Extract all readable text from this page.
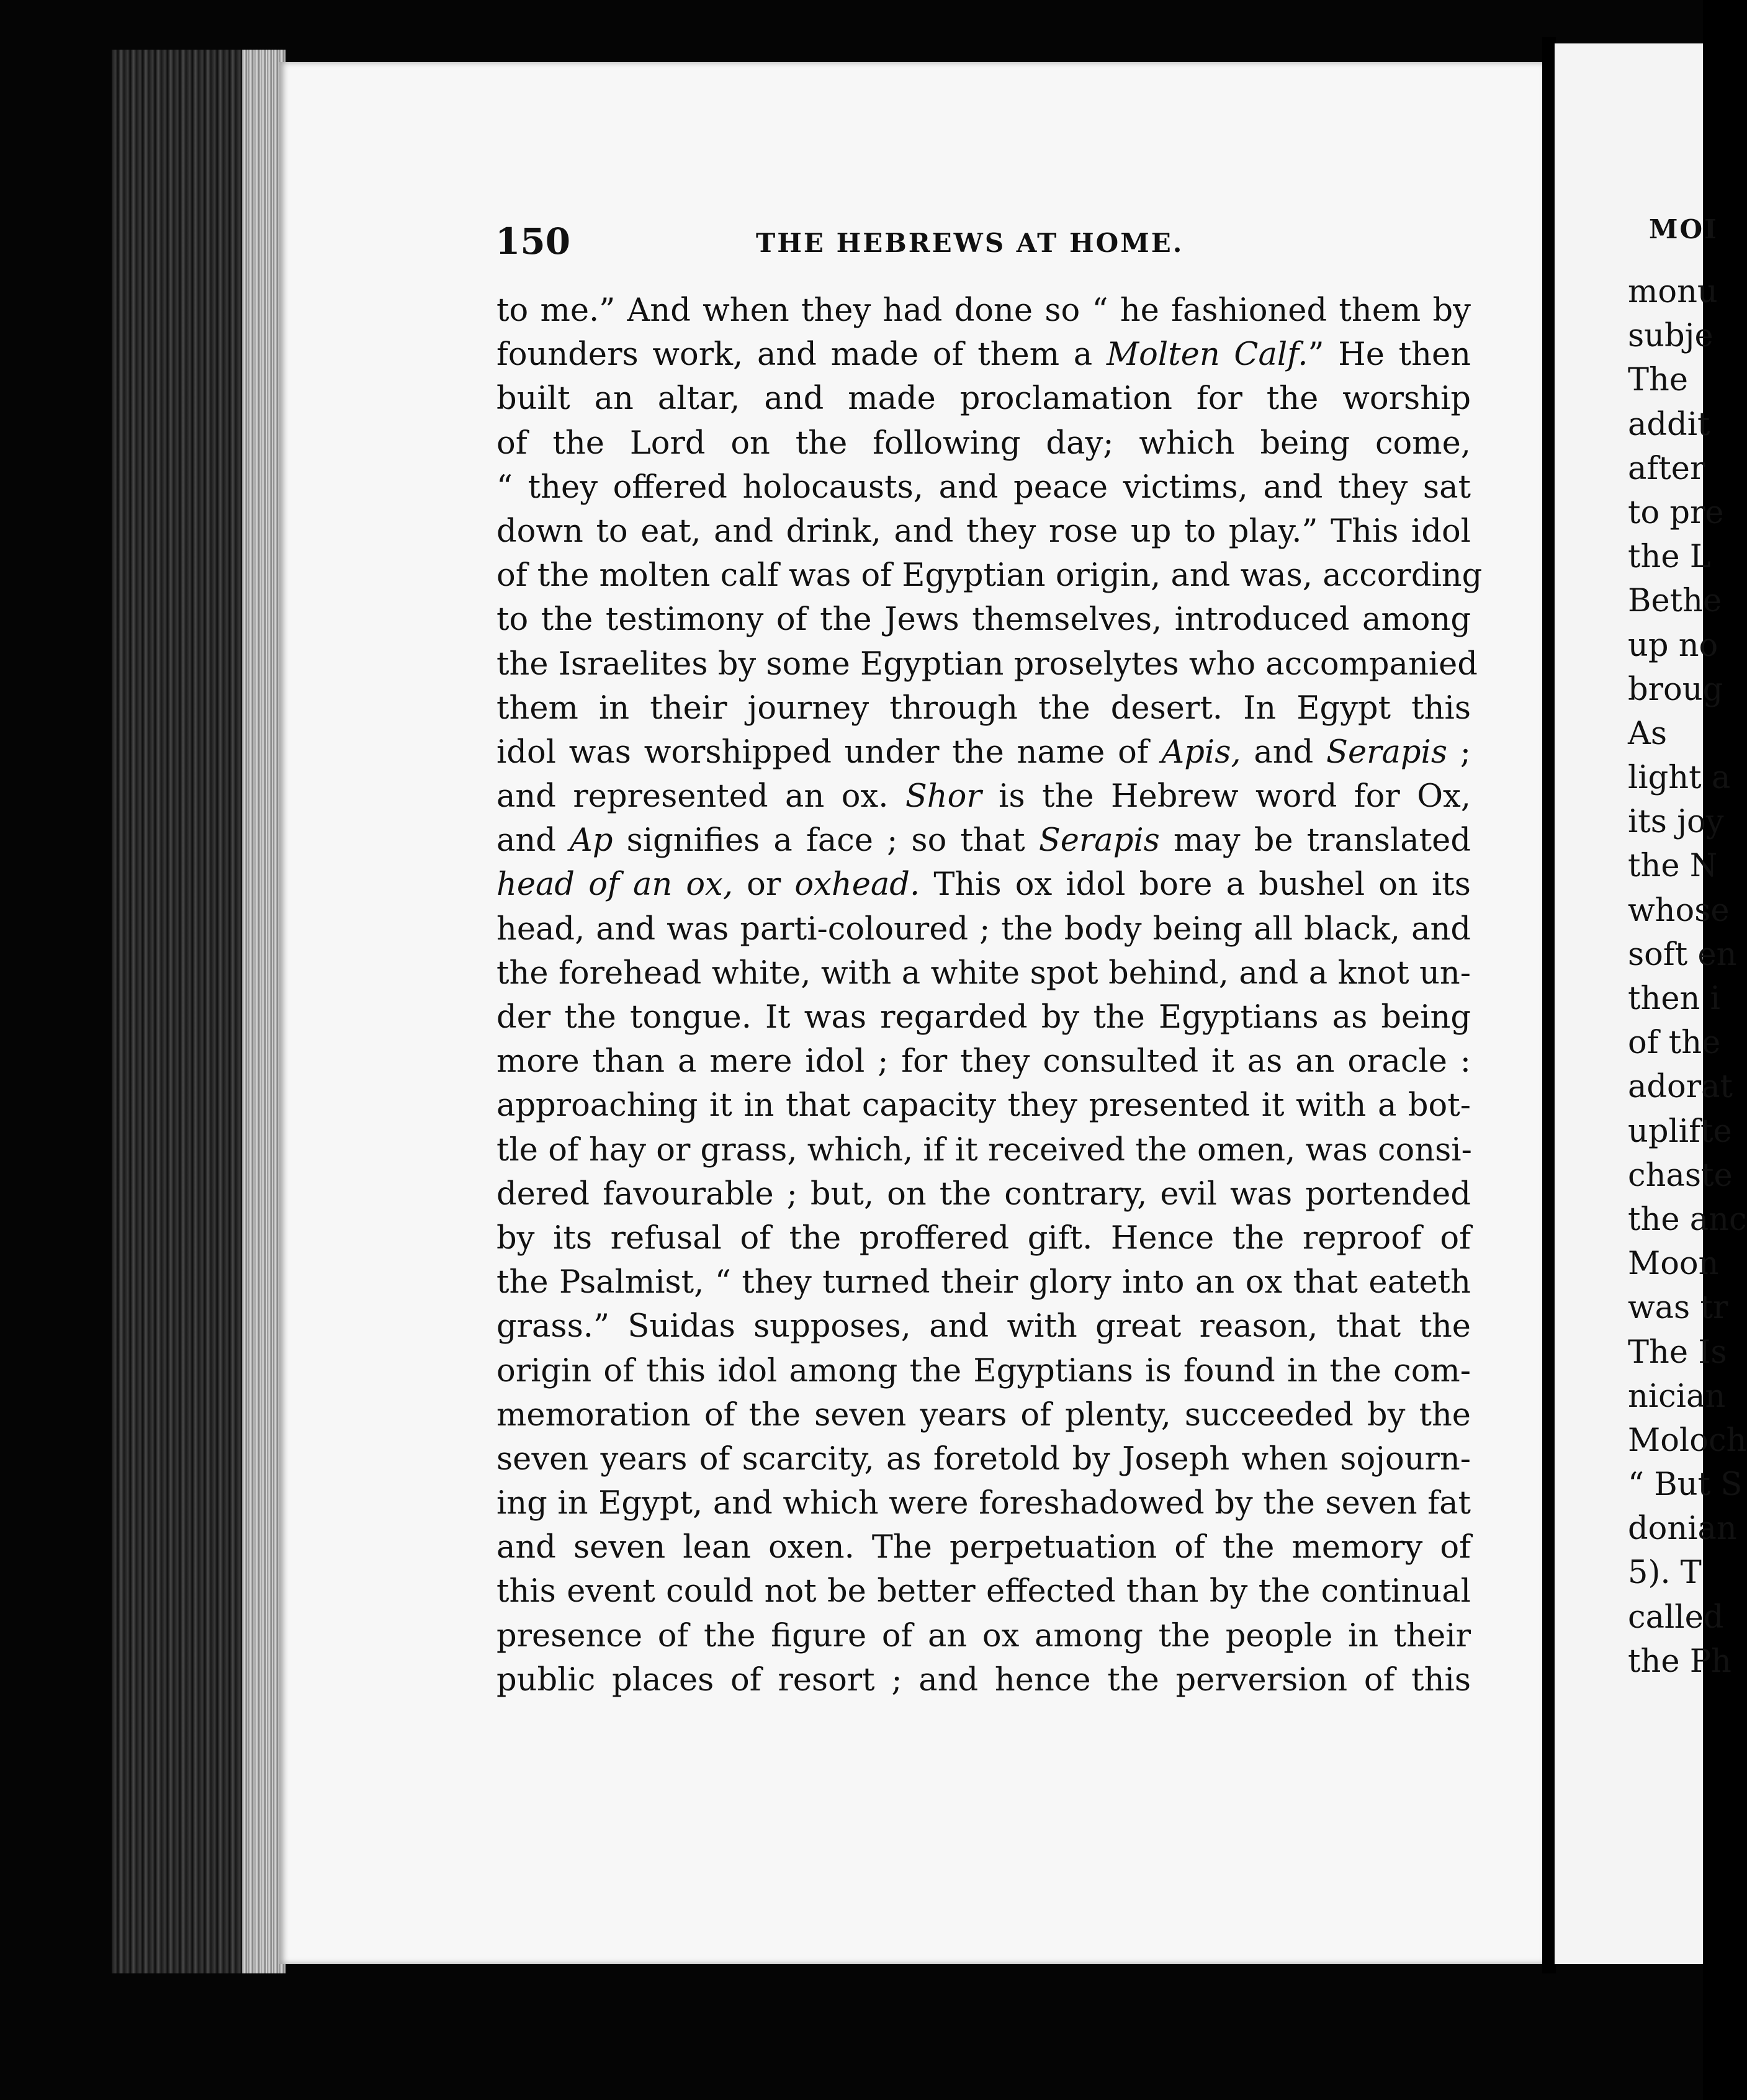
150	THE HEBREWS AT HOME.
to me.” And when they had done so “ he fashioned them by
founders work, and made of them a Molten Calf.” He then
built an altar, and made proclamation for the worship
of the Lord on the following day; which being come,
“ they offered holocausts, and peace victims, and they sat
down to eat, and drink, and they rose up to play.” This idol
of the molten calf was of Egyptian origin, and was, according
to the testimony of the Jews themselves, introduced among
the Israelites by some Egyptian proselytes who accompanied
them in their journey through the desert. In Egypt this
idol was worshipped under the name of Apis, and Serapis ;
and represented an ox. Shor is the Hebrew word for Ox,
and Ap signifies a face ; so that Serapis may be translated
head of an ox, or oxhead. This ox idol bore a bushel on its
head, and was parti-coloured ; the body being all black, and
the forehead white, with a white spot behind, and a knot un-
der the tongue. It was regarded by the Egyptians as being
more than a mere idol ; for they consulted it as an oracle :
approaching it in that capacity they presented it with a bot-
tle of hay or grass, which, if it received the omen, was consi-
dered favourable ; but, on the contrary, evil was portended
by its refusal of the proffered gift. Hence the reproof of
the Psalmist, “ they turned their glory into an ox that eateth
grass.” Suidas supposes, and with great reason, that the
origin of this idol among the Egyptians is found in the com-
memoration of the seven years of plenty, succeeded by the
seven years of scarcity, as foretold by Joseph when sojourn-
ing in Egypt, and which were foreshadowed by the seven fat
and seven lean oxen. The perpetuation of the memory of
this event could not be better effected than by the continual
presence of the figure of an ox among the people in their
public places of resort ; and hence the perversion of this
MOI
monu
subje
The
addit
after
to pre
the L
Bethe
up no
broug
As
light a
its joy
the N
whose
soft en
then i
of the
adorat
uplifte
chaste
the anc
Moon
was tr
The Is
nician
Moloch
“ But S
donian
5). T
called
the Ph
